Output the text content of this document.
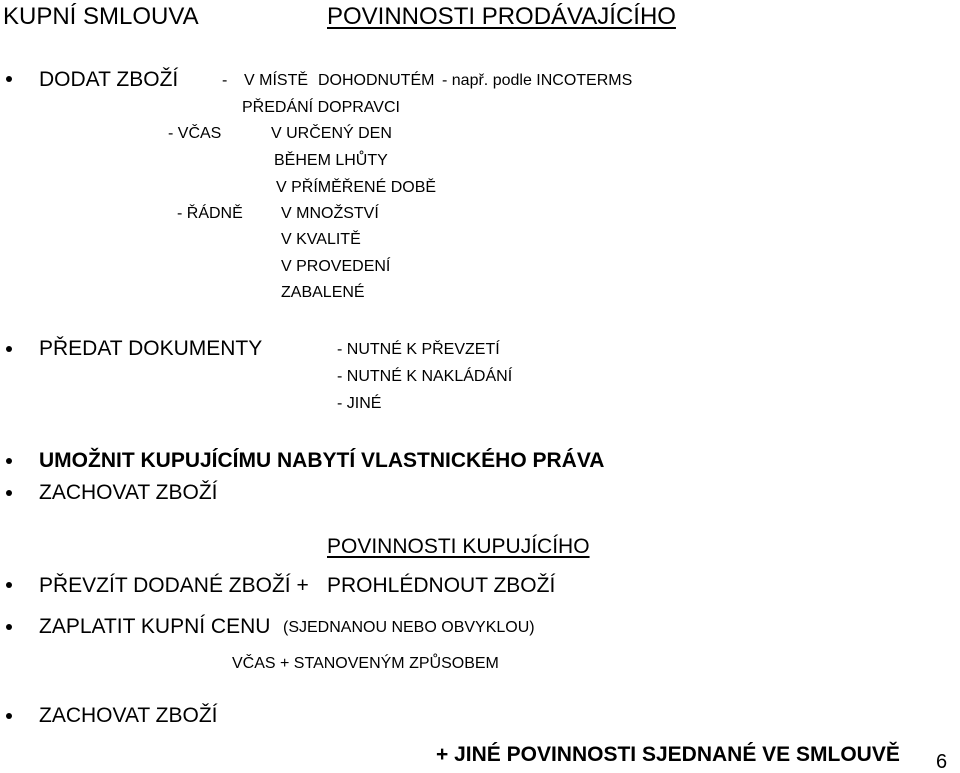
KUPNÍ SMLOUVA	POVINNOSTI PRODÁVAJÍCÍHO
DODAT ZBOŽÍ	- V MÍSTĚ DOHODNUTÉM - např. podle INCOTERMS
PŘEDÁNÍ DOPRAVCI
- VČAS	V URČENÝ DEN
BĚHEM LHŮTY
V PŘÍMĚŘENÉ DOBĚ
- ŘÁDNĚ V MNOŽSTVÍ
V KVALITĚ
V PROVEDENÍ
ZABALENÉ
PŘEDAT DOKUMENTY	- NUTNÉ K PŘEVZETÍ
- NUTNÉ K NAKLÁDÁNÍ
- JINÉ
UMOŽNIT KUPUJÍCÍMU NABYTÍ VLASTNICKÉHO PRÁVA
ZACHOVAT ZBOŽÍ
POVINNOSTI KUPUJÍCÍHO
PŘEVZÍT DODANÉ ZBOŽÍ + PROHLÉDNOUT ZBOŽÍ
ZAPLATIT KUPNÍ CENU (SJEDNANOU NEBO OBVYKLOU)
VČAS + STANOVENÝM ZPŮSOBEM
ZACHOVAT ZBOŽÍ
+ JINÉ POVINNOSTI SJEDNANÉ VE SMLOUVĚ 6
